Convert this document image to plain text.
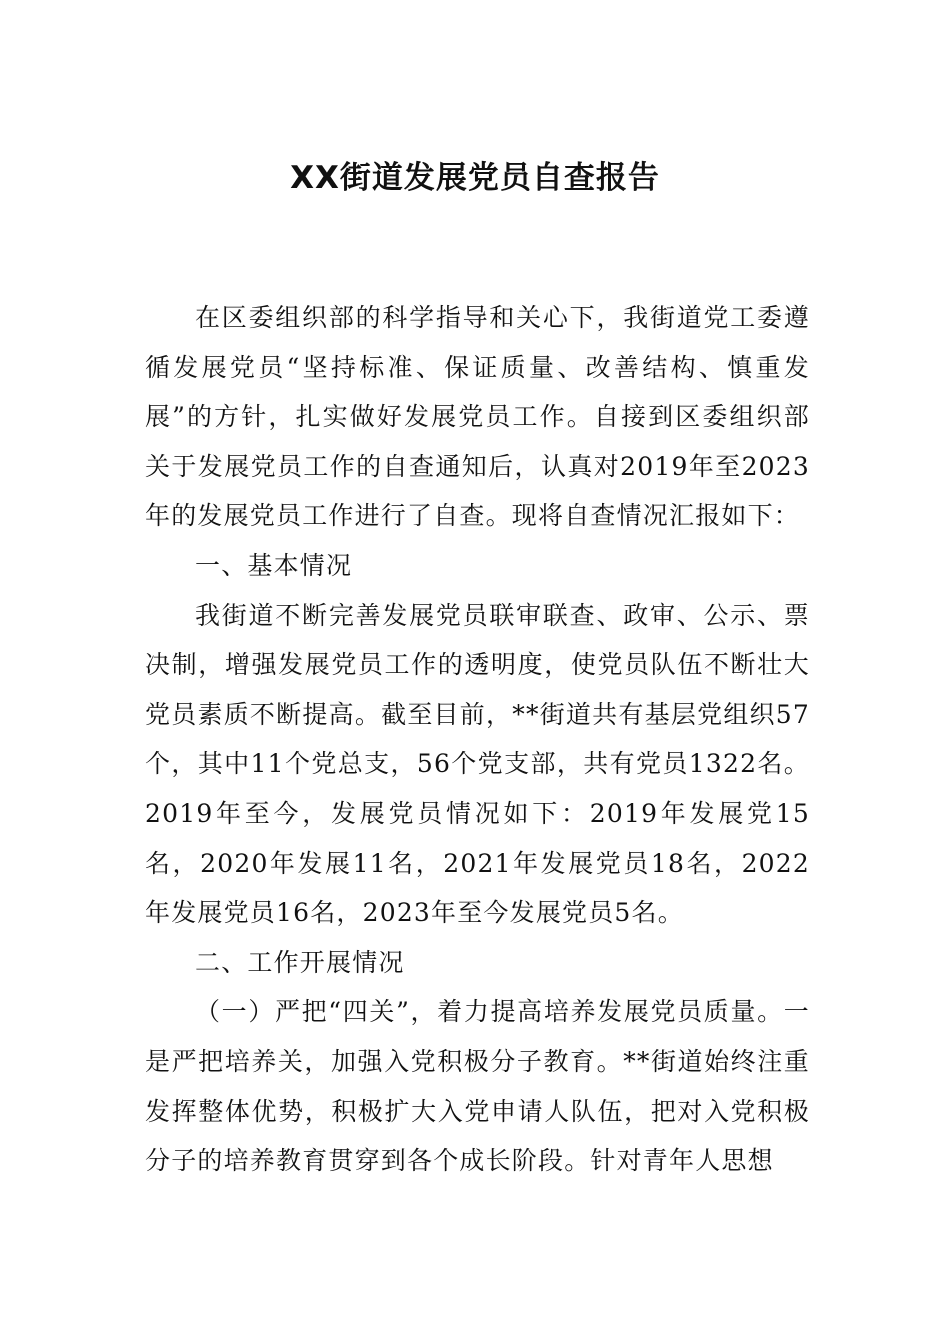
XX街道发展党员自查报告

在区委组织部的科学指导和关心下，我街道党工委遵循发展党员“坚持标准、保证质量、改善结构、慎重发展”的方针，扎实做好发展党员工作。自接到区委组织部关于发展党员工作的自查通知后，认真对2019年至2023年的发展党员工作进行了自查。现将自查情况汇报如下：

一、基本情况

我街道不断完善发展党员联审联查、政审、公示、票决制，增强发展党员工作的透明度，使党员队伍不断壮大党员素质不断提高。截至目前，**街道共有基层党组织57个，其中11个党总支，56个党支部，共有党员1322名。2019年至今，发展党员情况如下：2019年发展党15名，2020年发展11名，2021年发展党员18名，2022年发展党员16名，2023年至今发展党员5名。

二、工作开展情况

（一）严把“四关”，着力提高培养发展党员质量。一是严把培养关，加强入党积极分子教育。**街道始终注重发挥整体优势，积极扩大入党申请人队伍，把对入党积极分子的培养教育贯穿到各个成长阶段。针对青年人思想
